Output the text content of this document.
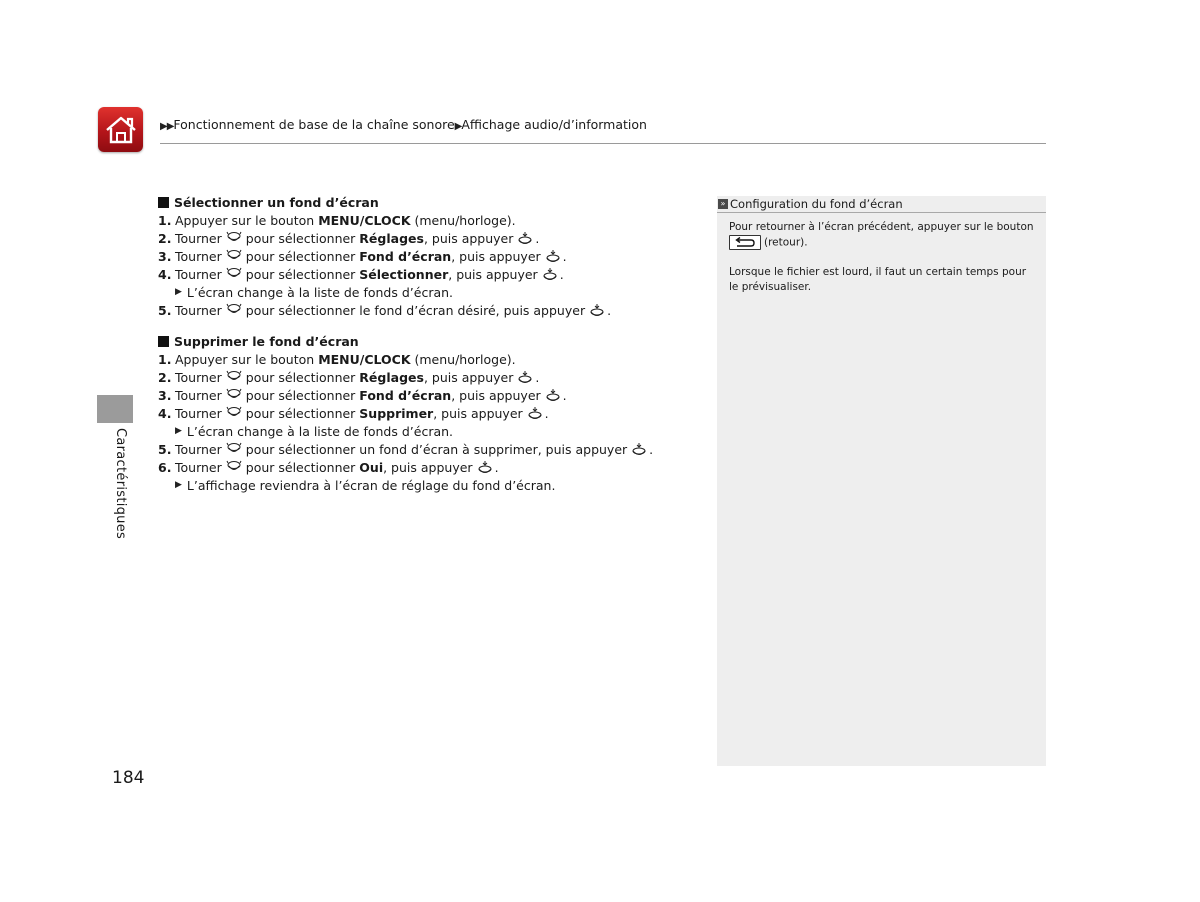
▶▶Fonctionnement de base de la chaîne sonore▶Affichage audio/d’information
Caractéristiques
184
Sélectionner un fond d’écran
1. Appuyer sur le bouton MENU/CLOCK (menu/horloge).
2. Tourner pour sélectionner Réglages , puis appuyer .
3. Tourner pour sélectionner Fond d’écran , puis appuyer .
4. Tourner pour sélectionner Sélectionner , puis appuyer .
▶ L’écran change à la liste de fonds d’écran.
5. Tourner pour sélectionner le fond d’écran désiré, puis appuyer .
Supprimer le fond d’écran
1. Appuyer sur le bouton MENU/CLOCK (menu/horloge).
2. Tourner pour sélectionner Réglages , puis appuyer .
3. Tourner pour sélectionner Fond d’écran , puis appuyer .
4. Tourner pour sélectionner Supprimer , puis appuyer .
▶ L’écran change à la liste de fonds d’écran.
5. Tourner pour sélectionner un fond d’écran à supprimer, puis appuyer .
6. Tourner pour sélectionner Oui , puis appuyer .
▶ L’affichage reviendra à l’écran de réglage du fond d’écran.
» Configuration du fond d’écran

Pour retourner à l’écran précédent, appuyer sur le bouton

(retour).

Lorsque le fichier est lourd, il faut un certain temps pour le prévisualiser.
